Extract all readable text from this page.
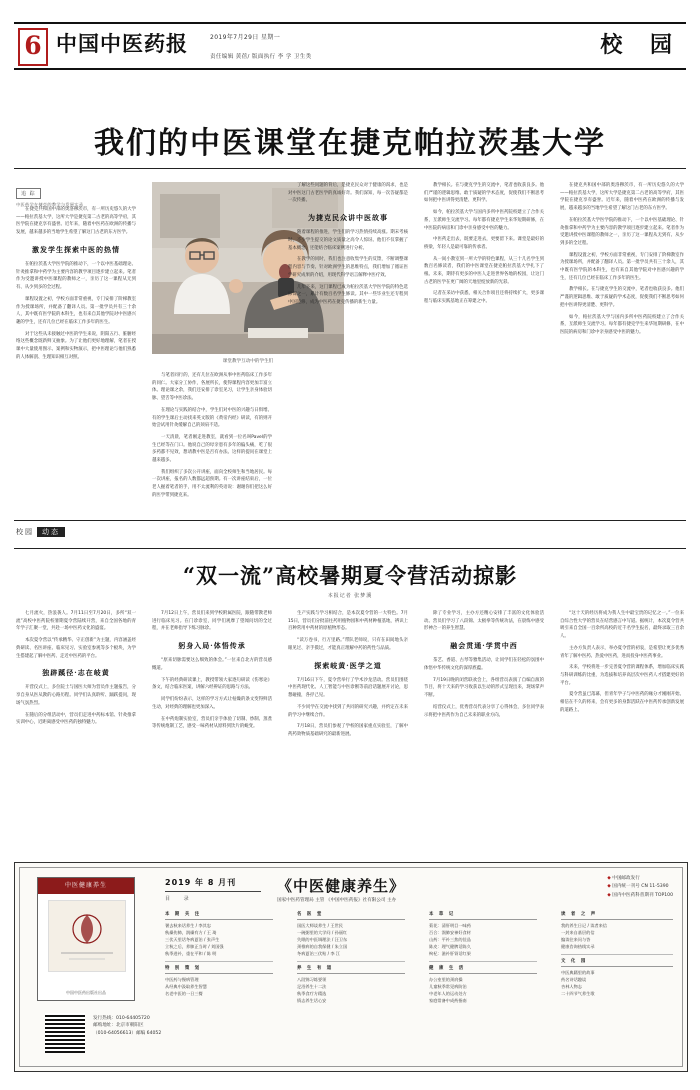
6 中国中医药报	2019年7月29日 星期一
责任编辑 黄蓓/ 版面执行 李 学 卫生类	校 园
我们的中医课堂在捷克帕拉茨基大学
追 踪
中医药学在捷克的教学与发展实录
课堂教学互动中的学生们

在捷克共和国中部的奥洛穆茨市，有一所历史悠久的大学——帕拉茨基大学，这所大学是捷克第二古老的高等学府，其医学院在捷克享有盛誉。近年来，随着中医药在欧洲的传播与发展，越来越多的当地学生希望了解这门古老的东方医学。

激发学生探索中医的热情

在帕拉茨基大学医学院的推动下，一个以中医基础理论、针灸推拿和中药学为主要内容的教学项目逐步建立起来。笔者作为受邀讲授中医课程的教师之一，亲历了这一课程从无到有、从少到多的全过程。

课程设置之初，学校方面非常重视，专门安排了阶梯教室作为授课场所，并配备了翻译人员。第一批学员共有三十余人，其中既有医学院的本科生，也有来自其他学院对中医感兴趣的学生，还有几位已经在临床工作多年的医生。

对于这些从未接触过中医的学生来说，阴阳五行、脏腑经络这些概念既新鲜又抽象。为了让他们更好地理解，笔者在授课中大量使用图示、案例和实物演示，把中医理论与他们熟悉的人体解剖、生理知识相互对照。

与笔者同行的，还有几位在欧洲从事中医药临床工作多年的同仁。大家分工协作，各展所长，使得课程内容更加丰富立体。理论课之余，我们还安排了诊室见习，让学生亲身体验切脉、望舌等中医诊法。

在理论与实践的结合中，学生们对中医的兴趣与日俱增。有的学生课后主动找来英文版的《黄帝内经》研读，有的则开始尝试用针灸缓解自己的颈肩不适。

一天清晨，笔者刚走进教室，就看到一位名叫Pavel的学生已经等在门口。他说自己的母亲患有多年的偏头痛，吃了很多药都不见效，想请教中医是否有办法。这样的提问在课堂上越来越多。

我们组织了多次公开讲座，面向全校师生和当地居民。每一次讲座，报名的人数都远超预期。有一次讲座结束后，一位老人握着笔者的手，用不太流利的英语说：谢谢你们把这么好的医学带到捷克来。

了解这些问题的背后，是捷克民众对于健康的渴求，也是对中医这门古老医学的真诚好奇。我们深知，每一次答疑都是一次传播。

为捷克民众讲中医故事

随着课程的推进，学生们的学习热情持续高涨。期末考核时，不少学生提交的论文质量之高令人惊讶。他们不仅掌握了基本概念，还能结合临床案例进行分析。

在教学的同时，我们也注意收集学生的反馈，不断调整课程内容与节奏。针对欧洲学生的思维特点，我们增加了循证医学研究成果的介绍，用现代科学语言解释中医疗效。

几年下来，这门课程已成为帕拉茨基大学医学院的特色选修课之一，累计有数百名学生修读。其中一些毕业生还专程到中国进修，成为中医药在捷克传播的新生力量。

教学相长。在与捷克学生的交流中，笔者也收获良多。他们严谨的逻辑思维、敢于质疑的学术态度，促使我们不断思考如何把中医讲得更清楚、更科学。

如今，帕拉茨基大学与国内多所中医药院校建立了合作关系，互派师生交流学习。每年都有捷克学生来华短期研修，在中医院的病房和门诊中亲身感受中医的魅力。

中医药走出去，既要走进去，更要留下来。课堂是最好的桥梁，年轻人是最可靠的传承者。

从一间小教室到一所大学的特色课程，从三十几名学生到数百名修读者，我们的中医课堂在捷克帕拉茨基大学扎下了根。未来，期待有更多的中医人走进世界各地的校园，让这门古老的医学在更广阔的天地里绽放新的光彩。

记者在采访中获悉，相关合作项目还将持续扩大，更多课程与临床实践基地正在筹建之中。

在捷克共和国中部的奥洛穆茨市，有一所历史悠久的大学——帕拉茨基大学，这所大学是捷克第二古老的高等学府，其医学院在捷克享有盛誉。近年来，随着中医药在欧洲的传播与发展，越来越多的当地学生希望了解这门古老的东方医学。

在帕拉茨基大学医学院的推动下，一个以中医基础理论、针灸推拿和中药学为主要内容的教学项目逐步建立起来。笔者作为受邀讲授中医课程的教师之一，亲历了这一课程从无到有、从少到多的全过程。

课程设置之初，学校方面非常重视，专门安排了阶梯教室作为授课场所，并配备了翻译人员。第一批学员共有三十余人，其中既有医学院的本科生，也有来自其他学院对中医感兴趣的学生，还有几位已经在临床工作多年的医生。

教学相长。在与捷克学生的交流中，笔者也收获良多。他们严谨的逻辑思维、敢于质疑的学术态度，促使我们不断思考如何把中医讲得更清楚、更科学。

如今，帕拉茨基大学与国内多所中医药院校建立了合作关系，互派师生交流学习。每年都有捷克学生来华短期研修，在中医院的病房和门诊中亲身感受中医的魅力。

校园 动态
“双一流”高校暑期夏令营活动掠影
本报记者 张梦溪

七月流火，热浪袭人。7月11日至7月20日，多所“双一流”高校中医药院校暑期夏令营陆续开营，来自全国各地的青年学子汇聚一堂，共赴一场中医药文化的盛宴。

本次夏令营以“传承精华、守正创新”为主题，内容涵盖经典研读、名医讲座、临床见习、实验室参观等多个板块，为学生搭建起了解中医药、走近中医药的平台。

独辟蹊径·志在岐黄

开营仪式上，多位院士与国医大师为营员作主题报告，分享自身从医从教的心路历程。同学们认真聆听、踊跃提问，现场气氛热烈。

在随后的分组活动中，营员们走进中药标本馆、针灸推拿实训中心，近距离感受中医药的独特魅力。

7月12日上午，营员们来到学校附属医院，跟随带教老师进行临床见习。在门诊诊室，同学们观摩了望闻问切的全过程，并在老师指导下练习脉诊。

躬身入局·体悟传承

“原来切脉需要这么细致的体会。”一位来自北方的营员感慨道。

下午的经典研读课上，教授带领大家逐句研读《伤寒论》条文，结合临床医案，讲解六经辨证的思路与方法。

同学们纷纷表示，这样的学习方式让枯燥的条文变得鲜活生动，对经典的理解也更加深入。

在中药炮制实验室，营员们亲手体验了切制、炒制、蒸煮等传统炮制工艺，感受一味药材从原料到饮片的蜕变。

生产实践与学习相结合，是本次夏令营的一大特色。7月15日，营员们分批前往药用植物园和中药材种植基地，辨识上百种常用中药材的原植物形态。

“读万卷书，行万里路。”带队老师说，只有在田间地头亲眼见过、亲手摸过，才能真正理解中药的药性与品质。

探索岐黄·医学之道

7月16日下午，夏令营举行了学术沙龙活动。营员们围绕中医药现代化、人工智能与中医诊断等前沿话题展开讨论，思想碰撞，各抒己见。

不少同学在交流中找到了共同的研究兴趣，并约定在未来的学习中继续合作。

7月18日，营员们参观了学校的国家重点实验室，了解中药药效物质基础研究的最新进展。

除了专业学习，主办方还精心安排了丰富的文化体验活动。营员们学习了八段锦、太极拳等传统功法，在晨练中感受形神合一的养生智慧。

融会贯通·学贯中西

茶艺、香道、古琴等雅集活动，让同学们在轻松的氛围中体悟中华传统文化的深厚底蕴。

7月19日晚的闭营联欢会上，各组营员表演了自编自演的节目，将十天来的学习收获以生动的形式呈现出来，现场掌声不断。

结营仪式上，优秀营员代表分享了心得体会，多位同学表示将把中医药作为自己未来的职业方向。

“这十天的经历将成为我人生中最宝贵的记忆之一。”一位来自综合性大学的营员在结营感言中写道。据统计，本次夏令营共吸引来自全国一百余所高校的近千名学生报名，最终录取三百余人。

主办方负责人表示，举办夏令营的初衷，是希望让更多优秀青年了解中医药、热爱中医药，进而投身中医药事业。

未来，学校将进一步完善夏令营的课程体系，增加临床实践与科研训练的比重，为选拔和培养高层次中医药人才搭建更好的平台。

夏令营虽已落幕，但青年学子与中医药的缘分才刚刚开始。相信在不久的将来，会有更多的身影活跃在中医药传承创新发展的道路上。

中医健康养生
中国中医药出版社出品
发行热线：010-64405720
邮购地址：北京市朝阳区
（010-64056613）邮编 64052
2019 年 8 月刊
目 录
《中医健康养生》
国家中医药管理局 主管 《中国中医药报》社有限公司 主办
◆ 中国邮政发行
◆ 国内统一刊号 CN 11-5390
◆ 国内中医药科普期刊 TOP100
本 期 关 注
暑去秋来话养生 / 李其忠
秋燥伤肺，润燥有方 / 王 琦
三伏天里话冬病夏治 / 张声生
立秋之后，养肺正当时 / 刘国强
秋季进补，重在平和 / 陈 明
特 别 策 划
中医药与慢病管理
从经典中汲取养生智慧
名老中医的一日三餐
名 医 堂
国医大师谈养生 / 王世民
一碗粥里的大学问 / 孙丽红
失眠的中医调理法 / 汪卫东
颈椎病的自我保健 / 朱立国
冬病夏治三伏贴 / 李 江
养 生 有 道
八段锦习练要领
足浴养生十二法
秋季食疗方精选
情志养生话心安
本 草 记
菊花：清肝明目一味药
百合：润肺安神好食材
山药：平补三焦的佳品
陈皮：理气健脾话陈久
枸杞：滋补肝肾话红果
健 康 生 活
办公室里的颈肩操
儿童秋季常见病防治
中老年人的运动处方
家庭常备中成药指南
读 者 之 声
我的养生日记 / 读者来信
一封来自基层的信
编读往来问与答
健康咨询热线实录
文 化 园
中医典籍里的故事
药名诗话趣谈
杏林人物志
二十四节气养生歌
